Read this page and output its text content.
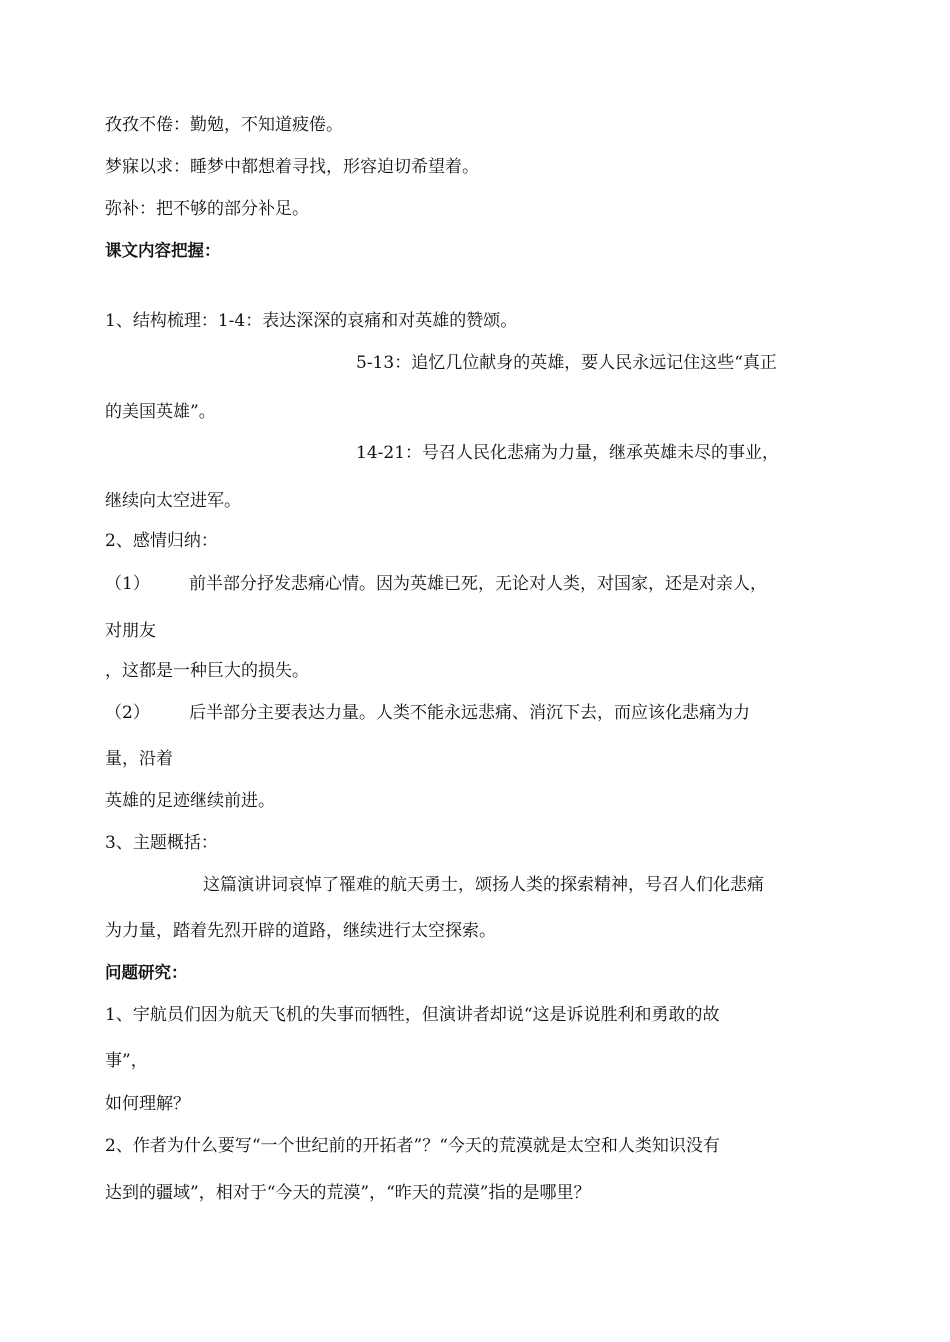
孜孜不倦：勤勉，不知道疲倦。
梦寐以求：睡梦中都想着寻找，形容迫切希望着。
弥补：把不够的部分补足。
课文内容把握：
1、结构梳理：1-4：表达深深的哀痛和对英雄的赞颂。
5-13：追忆几位献身的英雄，要人民永远记住这些“真正
的美国英雄”。
14-21：号召人民化悲痛为力量，继承英雄未尽的事业，
继续向太空进军。
2、感情归纳：
（1） 前半部分抒发悲痛心情。因为英雄已死，无论对人类，对国家，还是对亲人，
对朋友
，这都是一种巨大的损失。
（2） 后半部分主要表达力量。人类不能永远悲痛、消沉下去，而应该化悲痛为力
量，沿着
英雄的足迹继续前进。
3、主题概括：
这篇演讲词哀悼了罹难的航天勇士，颂扬人类的探索精神，号召人们化悲痛
为力量，踏着先烈开辟的道路，继续进行太空探索。
问题研究：
1、宇航员们因为航天飞机的失事而牺牲，但演讲者却说“这是诉说胜利和勇敢的故
事”，
如何理解？
2、作者为什么要写“一个世纪前的开拓者”？“今天的荒漠就是太空和人类知识没有
达到的疆域”，相对于“今天的荒漠”，“昨天的荒漠”指的是哪里？
